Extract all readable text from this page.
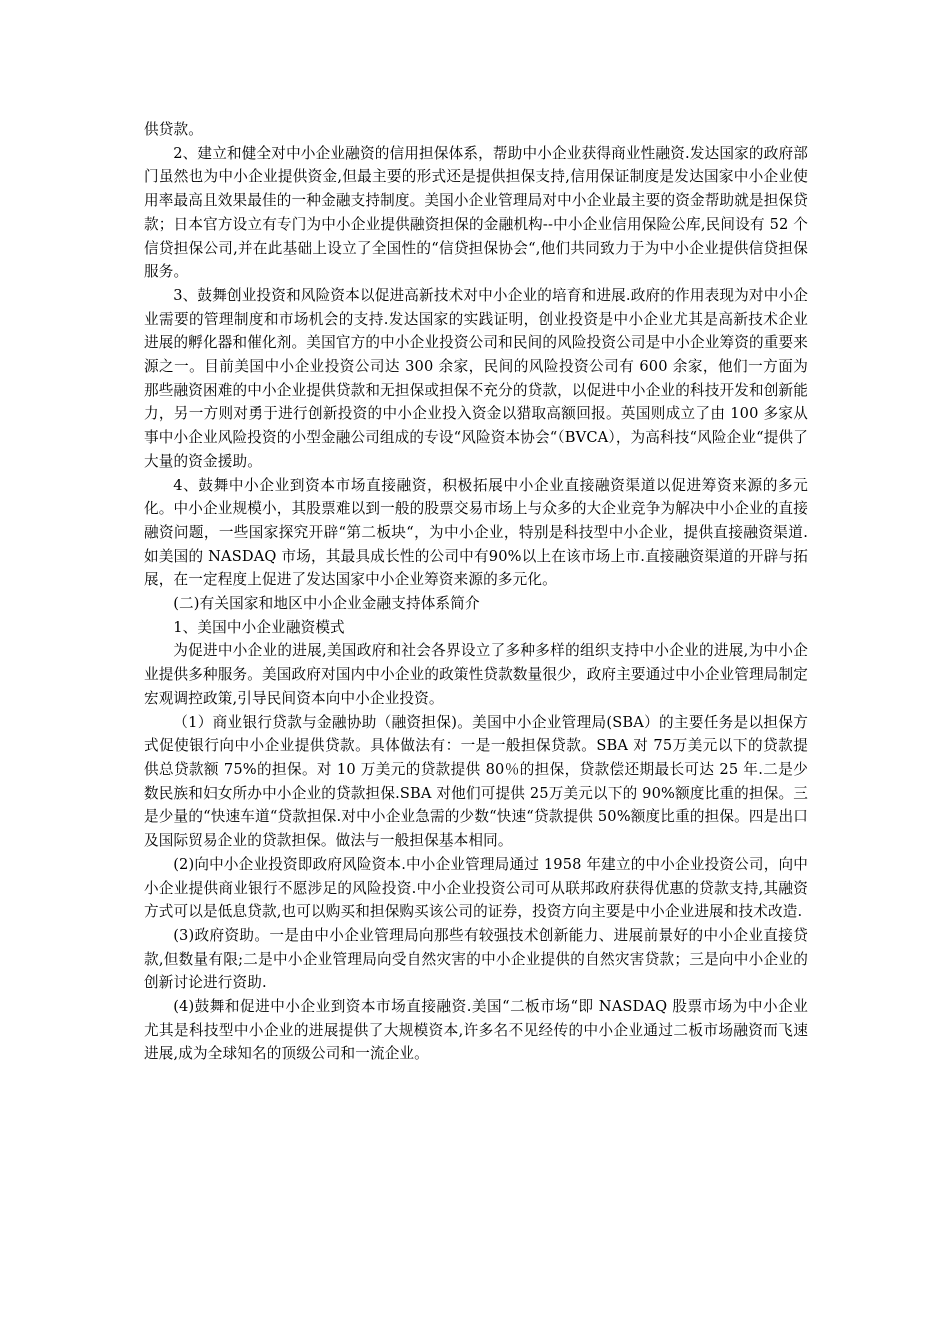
供贷款。

2、建立和健全对中小企业融资的信用担保体系，帮助中小企业获得商业性融资.发达国家的政府部门虽然也为中小企业提供资金,但最主要的形式还是提供担保支持,信用保证制度是发达国家中小企业使用率最高且效果最佳的一种金融支持制度。美国小企业管理局对中小企业最主要的资金帮助就是担保贷款；日本官方设立有专门为中小企业提供融资担保的金融机构--中小企业信用保险公库,民间设有 52 个信贷担保公司,并在此基础上设立了全国性的“信贷担保协会“,他们共同致力于为中小企业提供信贷担保服务。

3、鼓舞创业投资和风险资本以促进高新技术对中小企业的培育和进展.政府的作用表现为对中小企业需要的管理制度和市场机会的支持.发达国家的实践证明，创业投资是中小企业尤其是高新技术企业进展的孵化器和催化剂。美国官方的中小企业投资公司和民间的风险投资公司是中小企业筹资的重要来源之一。目前美国中小企业投资公司达 300 余家，民间的风险投资公司有 600 余家，他们一方面为那些融资困难的中小企业提供贷款和无担保或担保不充分的贷款，以促进中小企业的科技开发和创新能力，另一方则对勇于进行创新投资的中小企业投入资金以猎取高额回报。英国则成立了由 100 多家从事中小企业风险投资的小型金融公司组成的专设“风险资本协会“（BVCA），为高科技“风险企业“提供了大量的资金援助。

4、鼓舞中小企业到资本市场直接融资，积极拓展中小企业直接融资渠道以促进筹资来源的多元化。中小企业规模小，其股票难以到一般的股票交易市场上与众多的大企业竞争为解决中小企业的直接融资问题，一些国家探究开辟“第二板块“，为中小企业，特别是科技型中小企业，提供直接融资渠道.如美国的 NASDAQ 市场，其最具成长性的公司中有90%以上在该市场上市.直接融资渠道的开辟与拓展，在一定程度上促进了发达国家中小企业筹资来源的多元化。

(二)有关国家和地区中小企业金融支持体系简介

1、美国中小企业融资模式

为促进中小企业的进展,美国政府和社会各界设立了多种多样的组织支持中小企业的进展,为中小企业提供多种服务。美国政府对国内中小企业的政策性贷款数量很少，政府主要通过中小企业管理局制定宏观调控政策,引导民间资本向中小企业投资。

（1）商业银行贷款与金融协助（融资担保)。美国中小企业管理局(SBA）的主要任务是以担保方式促使银行向中小企业提供贷款。具体做法有：一是一般担保贷款。SBA 对 75万美元以下的贷款提供总贷款额 75%的担保。对 10 万美元的贷款提供 80％的担保，贷款偿还期最长可达 25 年.二是少数民族和妇女所办中小企业的贷款担保.SBA 对他们可提供 25万美元以下的 90%额度比重的担保。三是少量的“快速车道“贷款担保.对中小企业急需的少数“快速“贷款提供 50%额度比重的担保。四是出口及国际贸易企业的贷款担保。做法与一般担保基本相同。

(2)向中小企业投资即政府风险资本.中小企业管理局通过 1958 年建立的中小企业投资公司，向中小企业提供商业银行不愿涉足的风险投资.中小企业投资公司可从联邦政府获得优惠的贷款支持,其融资方式可以是低息贷款,也可以购买和担保购买该公司的证券，投资方向主要是中小企业进展和技术改造.

(3)政府资助。一是由中小企业管理局向那些有较强技术创新能力、进展前景好的中小企业直接贷款,但数量有限;二是中小企业管理局向受自然灾害的中小企业提供的自然灾害贷款；三是向中小企业的创新讨论进行资助.

(4)鼓舞和促进中小企业到资本市场直接融资.美国“二板市场“即 NASDAQ 股票市场为中小企业尤其是科技型中小企业的进展提供了大规模资本,许多名不见经传的中小企业通过二板市场融资而飞速进展,成为全球知名的顶级公司和一流企业。
